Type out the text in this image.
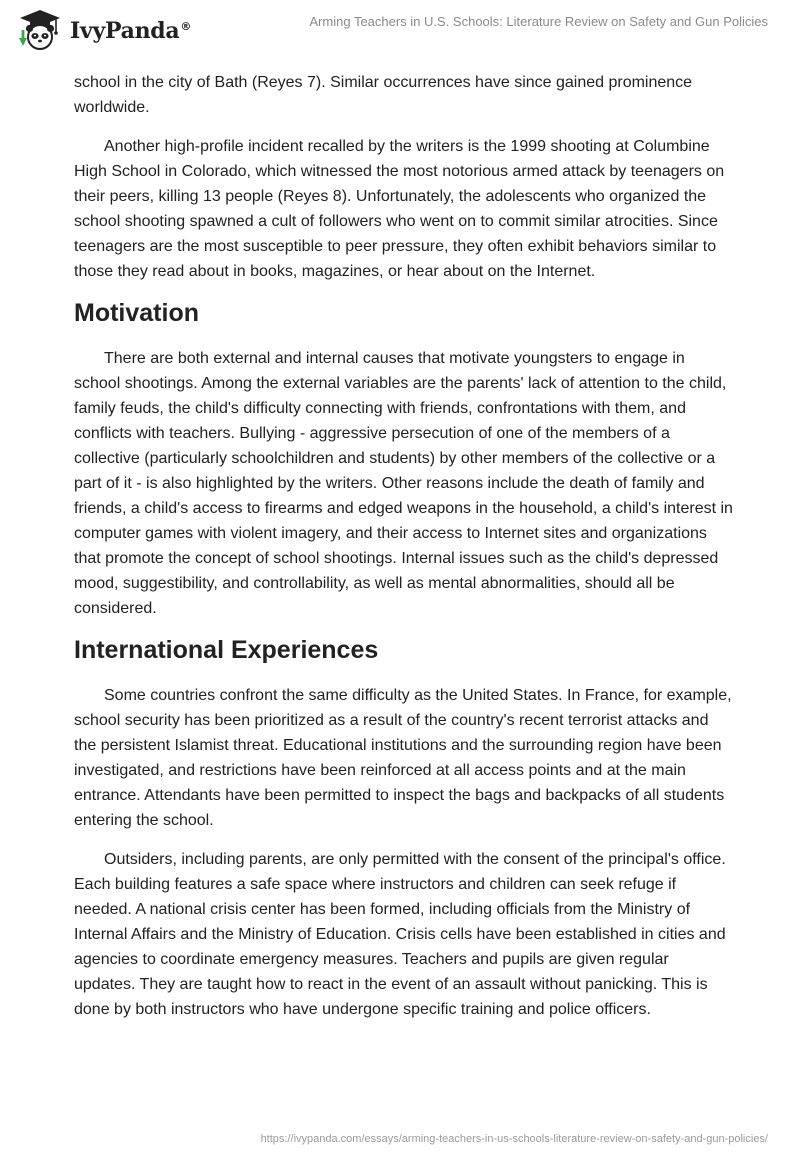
IvyPanda®	Arming Teachers in U.S. Schools: Literature Review on Safety and Gun Policies

school in the city of Bath (Reyes 7). Similar occurrences have since gained prominence worldwide.

Another high-profile incident recalled by the writers is the 1999 shooting at Columbine High School in Colorado, which witnessed the most notorious armed attack by teenagers on their peers, killing 13 people (Reyes 8). Unfortunately, the adolescents who organized the school shooting spawned a cult of followers who went on to commit similar atrocities. Since teenagers are the most susceptible to peer pressure, they often exhibit behaviors similar to those they read about in books, magazines, or hear about on the Internet.

Motivation

There are both external and internal causes that motivate youngsters to engage in school shootings. Among the external variables are the parents' lack of attention to the child, family feuds, the child's difficulty connecting with friends, confrontations with them, and conflicts with teachers. Bullying - aggressive persecution of one of the members of a collective (particularly schoolchildren and students) by other members of the collective or a part of it - is also highlighted by the writers. Other reasons include the death of family and friends, a child's access to firearms and edged weapons in the household, a child's interest in computer games with violent imagery, and their access to Internet sites and organizations that promote the concept of school shootings. Internal issues such as the child's depressed mood, suggestibility, and controllability, as well as mental abnormalities, should all be considered.

International Experiences

Some countries confront the same difficulty as the United States. In France, for example, school security has been prioritized as a result of the country's recent terrorist attacks and the persistent Islamist threat. Educational institutions and the surrounding region have been investigated, and restrictions have been reinforced at all access points and at the main entrance. Attendants have been permitted to inspect the bags and backpacks of all students entering the school.

Outsiders, including parents, are only permitted with the consent of the principal's office. Each building features a safe space where instructors and children can seek refuge if needed. A national crisis center has been formed, including officials from the Ministry of Internal Affairs and the Ministry of Education. Crisis cells have been established in cities and agencies to coordinate emergency measures. Teachers and pupils are given regular updates. They are taught how to react in the event of an assault without panicking. This is done by both instructors who have undergone specific training and police officers.

https://ivypanda.com/essays/arming-teachers-in-us-schools-literature-review-on-safety-and-gun-policies/
